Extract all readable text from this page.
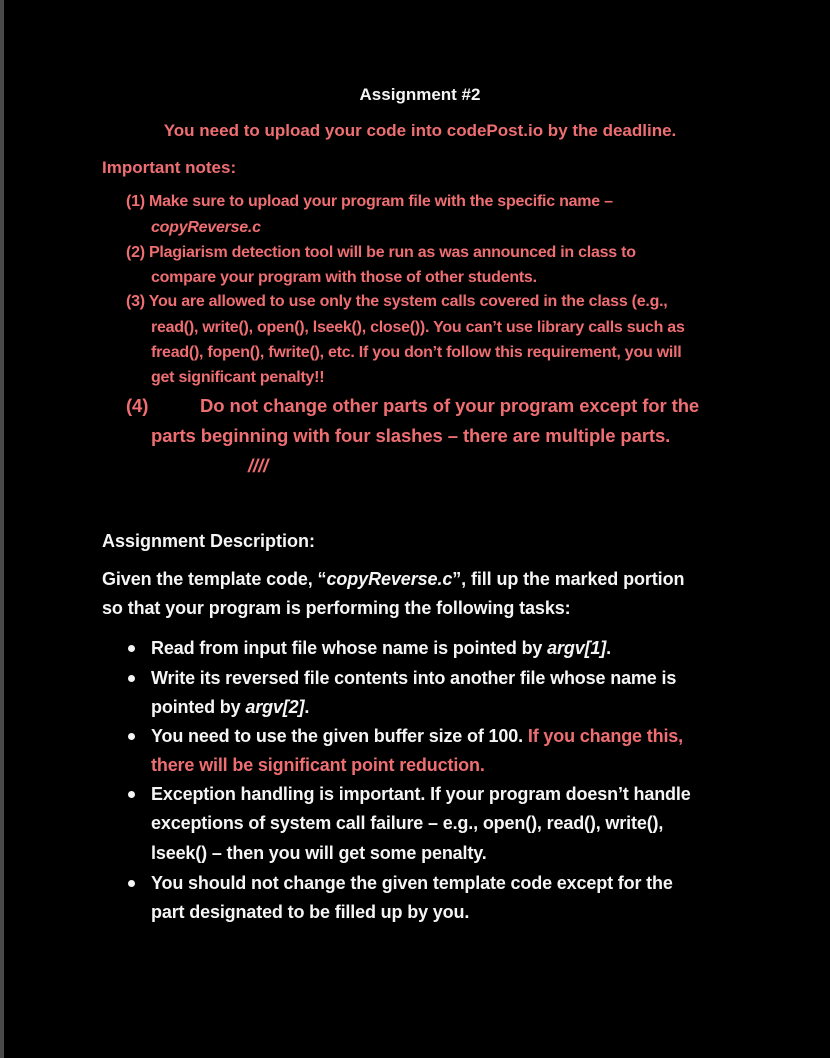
Assignment #2
You need to upload your code into codePost.io by the deadline.
Important notes:
(1) Make sure to upload your program file with the specific name –
copyReverse.c
(2) Plagiarism detection tool will be run as was announced in class to
compare your program with those of other students.
(3) You are allowed to use only the system calls covered in the class (e.g.,
read(), write(), open(), lseek(), close()). You can’t use library calls such as
fread(), fopen(), fwrite(), etc. If you don’t follow this requirement, you will
get significant penalty!!
(4)	Do not change other parts of your program except for the
parts beginning with four slashes – there are multiple parts.
////
Assignment Description:
Given the template code, “copyReverse.c”, fill up the marked portion
so that your program is performing the following tasks:
Read from input file whose name is pointed by argv[1].
Write its reversed file contents into another file whose name is
pointed by argv[2].
You need to use the given buffer size of 100. If you change this,
there will be significant point reduction.
Exception handling is important. If your program doesn’t handle
exceptions of system call failure – e.g., open(), read(), write(),
lseek() – then you will get some penalty.
You should not change the given template code except for the
part designated to be filled up by you.
